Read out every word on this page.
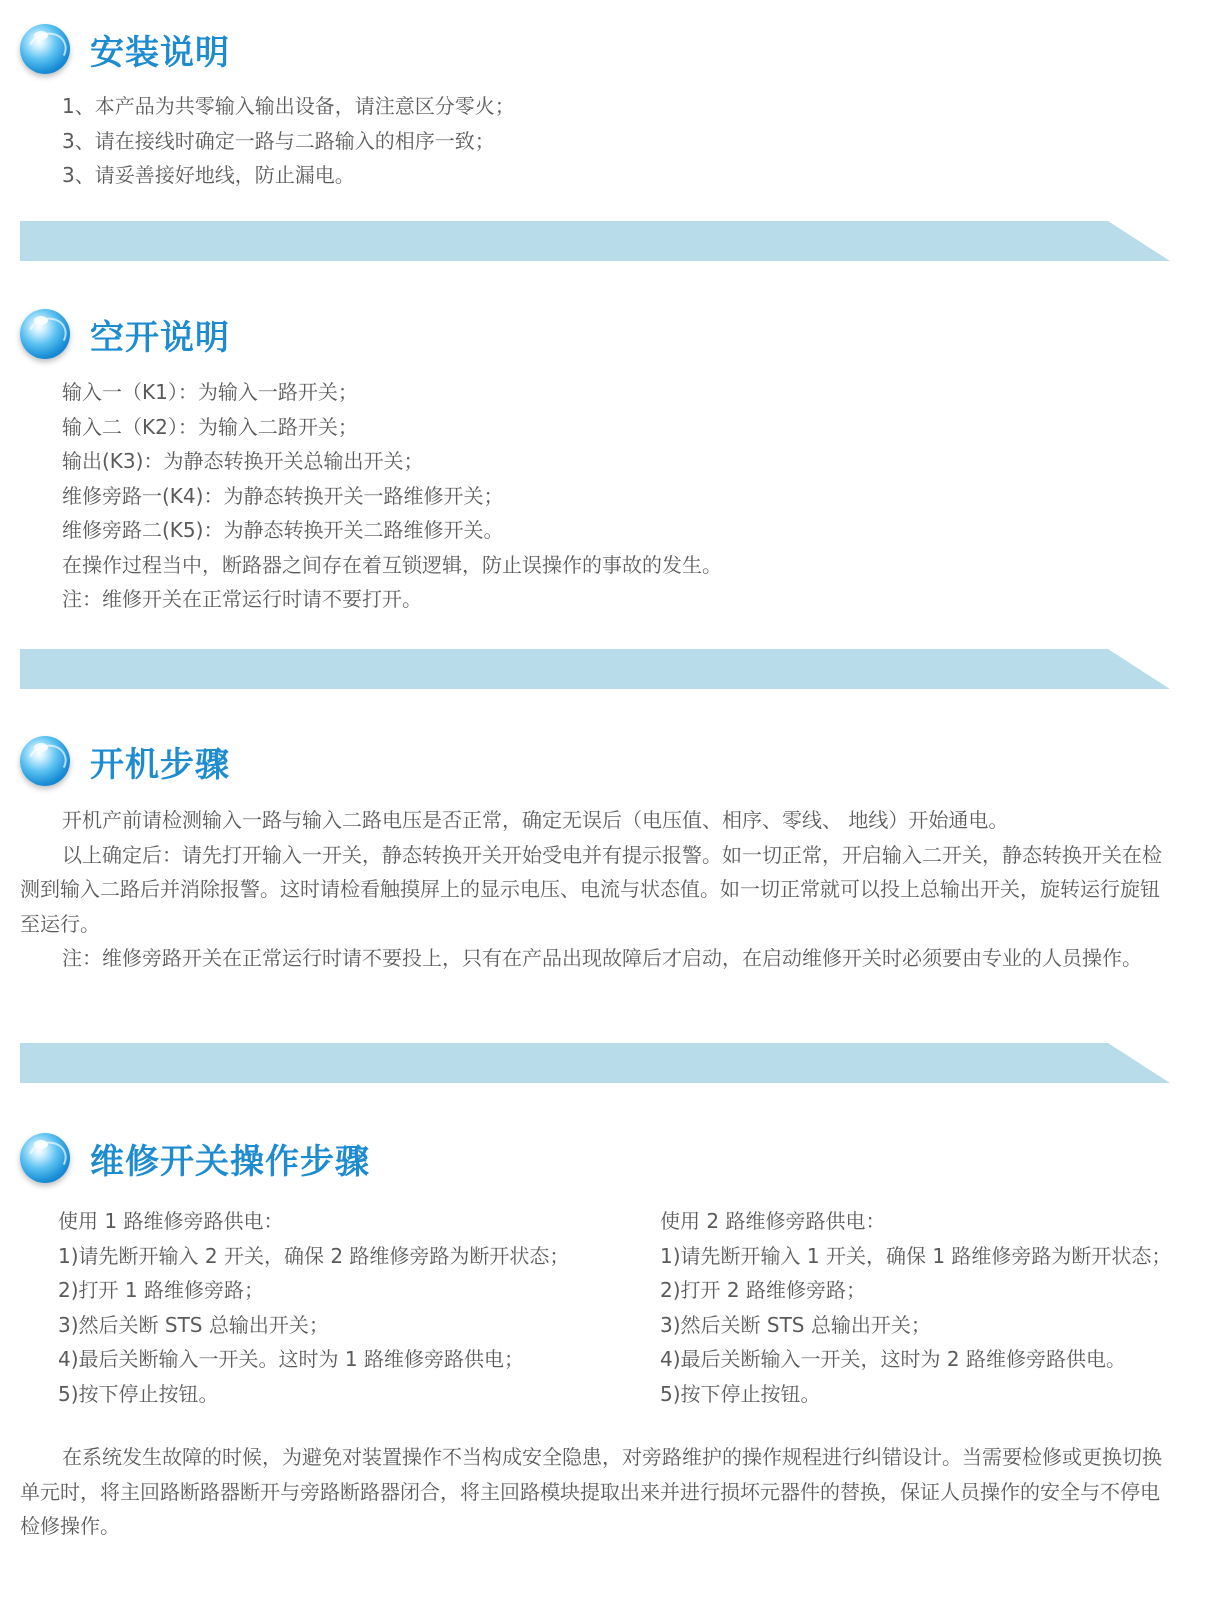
安装说明

1、本产品为共零输入输出设备，请注意区分零火；

3、请在接线时确定一路与二路输入的相序一致；

3、请妥善接好地线，防止漏电。

空开说明

输入一（K1）：为输入一路开关；

输入二（K2）：为输入二路开关；

输出(K3)：为静态转换开关总输出开关；

维修旁路一(K4)：为静态转换开关一路维修开关；

维修旁路二(K5)：为静态转换开关二路维修开关。

在操作过程当中，断路器之间存在着互锁逻辑，防止误操作的事故的发生。

注：维修开关在正常运行时请不要打开。

开机步骤

开机产前请检测输入一路与输入二路电压是否正常，确定无误后（电压值、相序、零线、 地线）开始通电。

以上确定后：请先打开输入一开关，静态转换开关开始受电并有提示报警。如一切正常，开启输入二开关，静态转换开关在检测到输入二路后并消除报警。这时请检看触摸屏上的显示电压、电流与状态值。如一切正常就可以投上总输出开关，旋转运行旋钮至运行。

注：维修旁路开关在正常运行时请不要投上，只有在产品出现故障后才启动，在启动维修开关时必须要由专业的人员操作。

维修开关操作步骤

使用 1 路维修旁路供电：

1)请先断开输入 2 开关，确保 2 路维修旁路为断开状态；

2)打开 1 路维修旁路；

3)然后关断 STS 总输出开关；

4)最后关断输入一开关。这时为 1 路维修旁路供电；

5)按下停止按钮。

使用 2 路维修旁路供电：

1)请先断开输入 1 开关，确保 1 路维修旁路为断开状态；

2)打开 2 路维修旁路；

3)然后关断 STS 总输出开关；

4)最后关断输入一开关，这时为 2 路维修旁路供电。

5)按下停止按钮。

在系统发生故障的时候，为避免对装置操作不当构成安全隐患，对旁路维护的操作规程进行纠错设计。当需要检修或更换切换单元时，将主回路断路器断开与旁路断路器闭合，将主回路模块提取出来并进行损坏元器件的替换，保证人员操作的安全与不停电检修操作。
